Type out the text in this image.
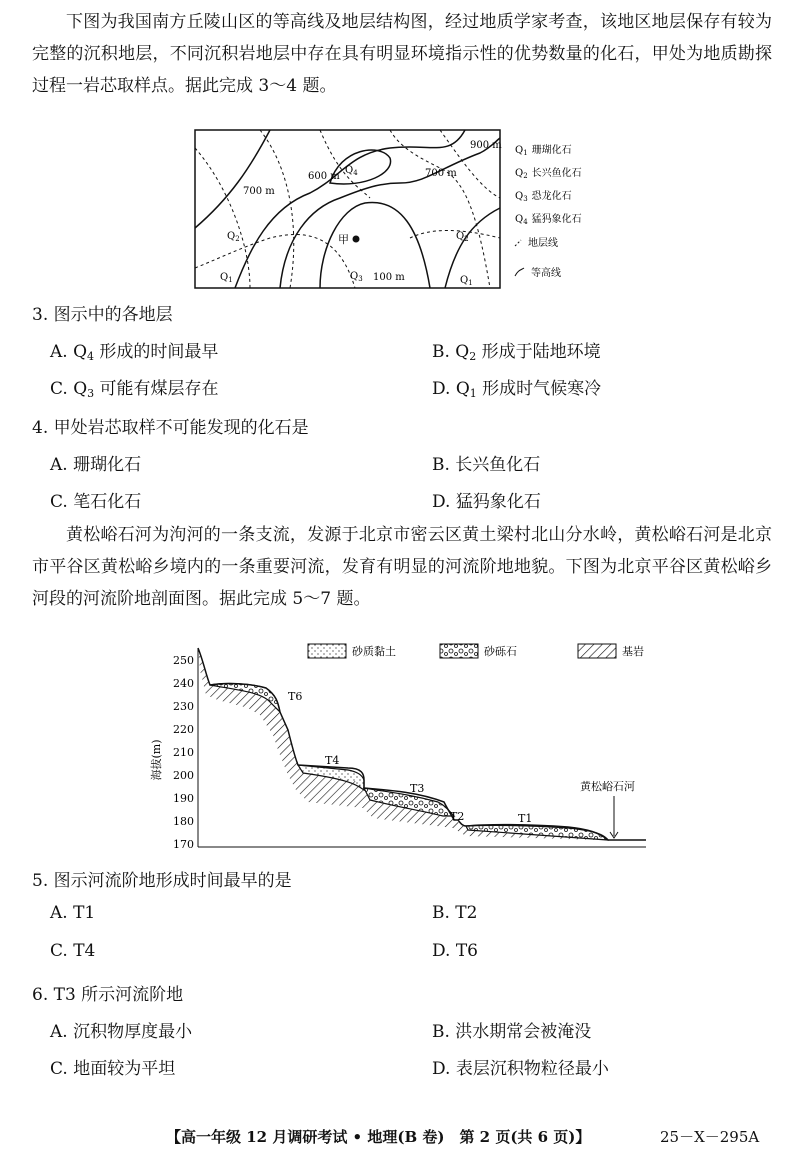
下图为我国南方丘陵山区的等高线及地层结构图，经过地质学家考查，该地区地层保存有较为完整的沉积地层，不同沉积岩地层中存在具有明显环境指示性的优势数量的化石，甲处为地质勘探过程一岩芯取样点。据此完成 3～4 题。

900 m
600 m
700 m
700 m
100 m
$Q_4$
$Q_2$	$Q_2$
$Q_1$	$Q_1$
$Q_3$
甲
$Q_1$ 珊瑚化石
$Q_2$ 长兴鱼化石
$Q_3$ 恐龙化石
$Q_4$ 猛犸象化石
地层线
等高线

3. 图示中的各地层

A. $Q_4$ 形成的时间最早	B. $Q_2$ 形成于陆地环境

C. $Q_3$ 可能有煤层存在	D. $Q_1$ 形成时气候寒冷

4. 甲处岩芯取样不可能发现的化石是

A. 珊瑚化石	B. 长兴鱼化石

C. 笔石化石	D. 猛犸象化石

黄松峪石河为泃河的一条支流，发源于北京市密云区黄土梁村北山分水岭，黄松峪石河是北京市平谷区黄松峪乡境内的一条重要河流，发育有明显的河流阶地地貌。下图为北京平谷区黄松峪乡河段的河流阶地剖面图。据此完成 5～7 题。

250
240
230
220
210
200
190
180
170
海拔(m)
砂质黏土	砂砾石	基岩
T6
T4
T3
T2	T1
黄松峪石河

5. 图示河流阶地形成时间最早的是

A. T1	B. T2

C. T4	D. T6

6. T3 所示河流阶地

A. 沉积物厚度最小	B. 洪水期常会被淹没

C. 地面较为平坦	D. 表层沉积物粒径最小

【高一年级 12 月调研考试 • 地理(B 卷)　第 2 页(共 6 页)】	25－X－295A
